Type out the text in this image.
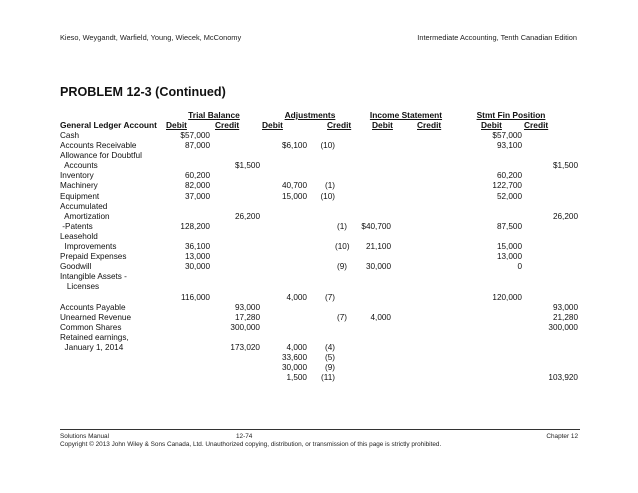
Kieso, Weygandt, Warfield, Young, Wiecek, McConomy	Intermediate Accounting, Tenth Canadian Edition
PROBLEM 12-3 (Continued)
Trial Balance	Adjustments	Income Statement	Stmt Fin Position
General Ledger Account Debit	Credit	Debit	Credit Debit	Credit	Debit	Credit
Cash	$57,000								$57,000	
Accounts Receivable	87,000		$6,100	(10)					93,100	
Allowance for Doubtful										
Accounts		$1,500								$1,500
Inventory	60,200								60,200	
Machinery	82,000		40,700	(1)					122,700	
Equipment	37,000		15,000	(10)					52,000	
Accumulated										
Amortization		26,200								26,200
-Patents	128,200				(1)	$40,700			87,500	
Leasehold										
Improvements	36,100				(10)	21,100			15,000	
Prepaid Expenses	13,000								13,000	
Goodwill	30,000				(9)	30,000			0	
Intangible Assets -										
Licenses										
	116,000		4,000	(7)					120,000	
Accounts Payable		93,000								93,000
Unearned Revenue		17,280			(7)	4,000				21,280
Common Shares		300,000								300,000
Retained earnings,										
January 1, 2014		173,020	4,000	(4)						
			33,600	(5)						
			30,000	(9)						
			1,500	(11)						103,920
Solutions Manual	12-74	Chapter 12
Copyright © 2013 John Wiley & Sons Canada, Ltd. Unauthorized copying, distribution, or transmission of this page is strictly prohibited.
